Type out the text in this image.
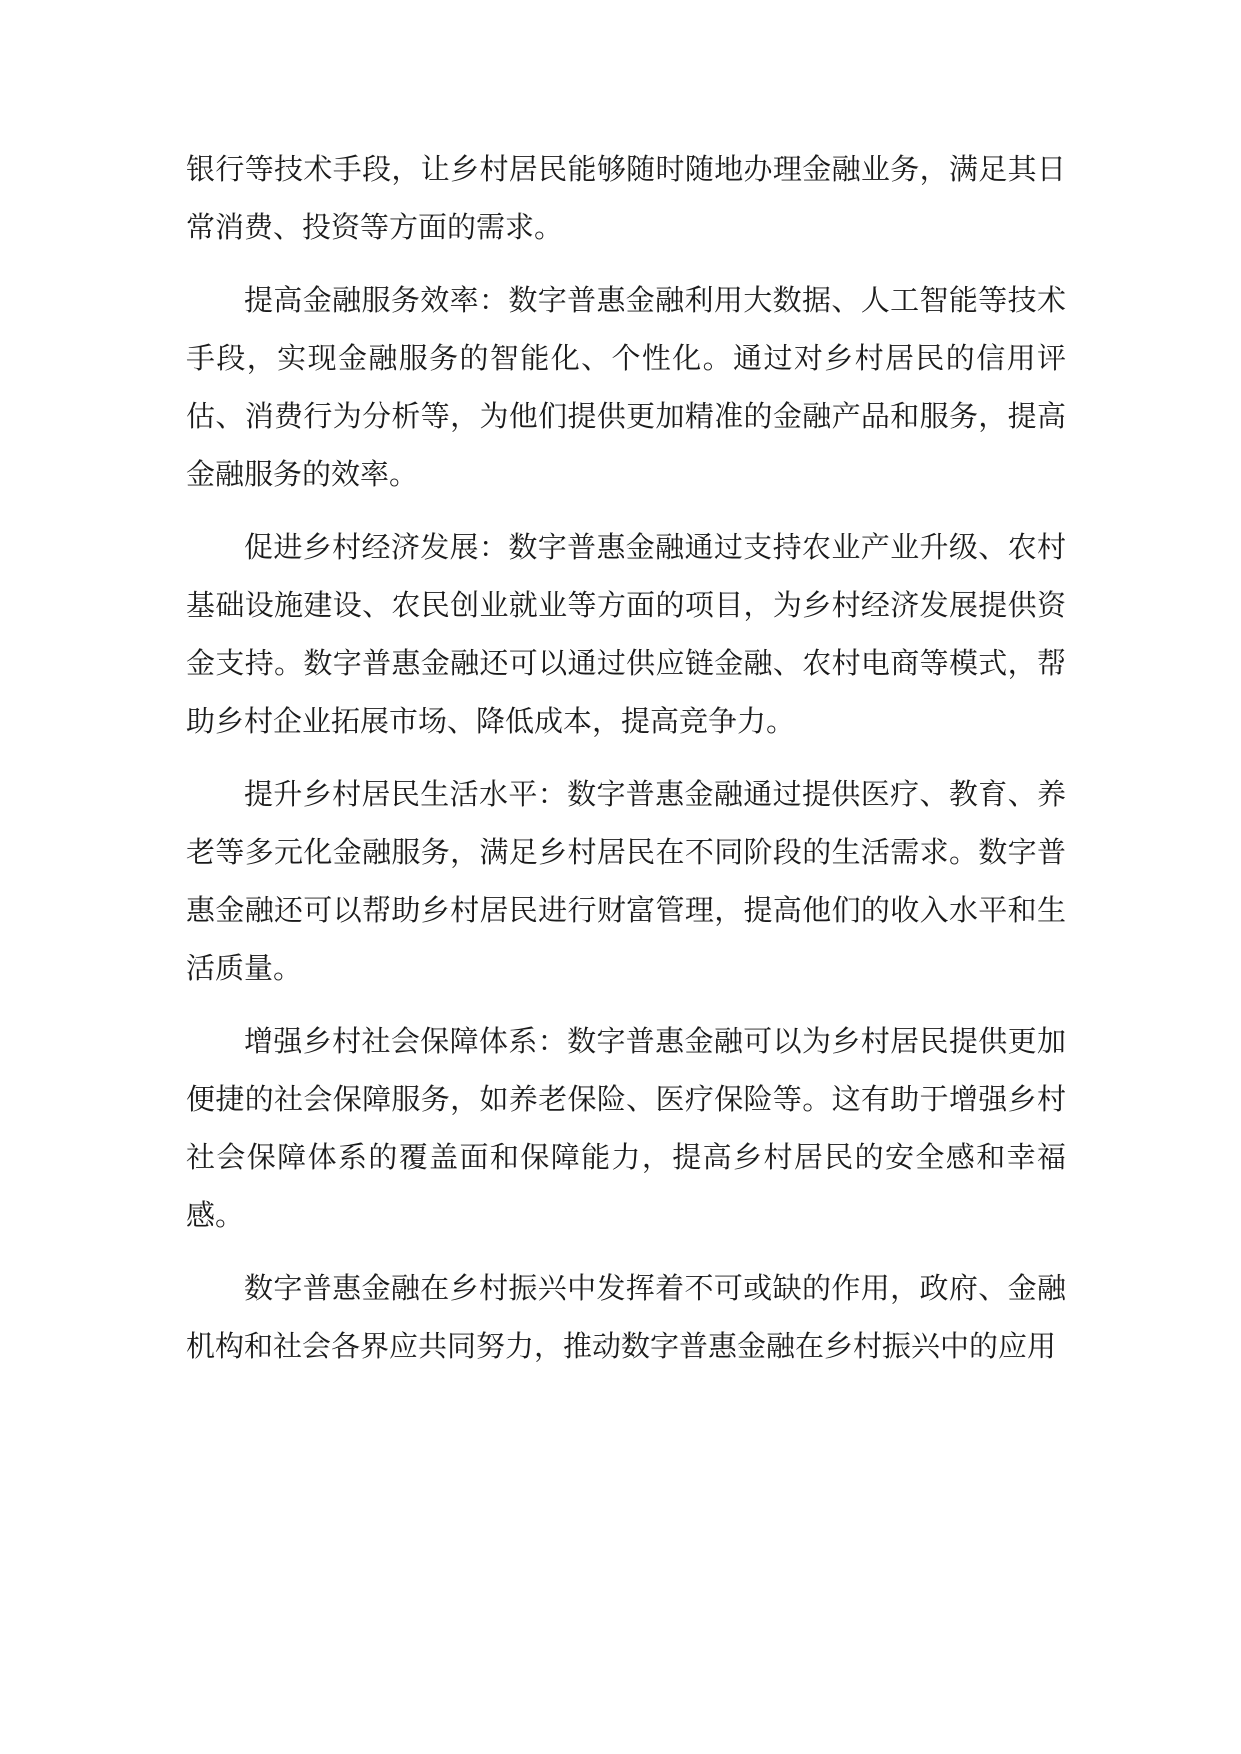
银行等技术手段，让乡村居民能够随时随地办理金融业务，满足其日常消费、投资等方面的需求。

提高金融服务效率：数字普惠金融利用大数据、人工智能等技术手段，实现金融服务的智能化、个性化。通过对乡村居民的信用评估、消费行为分析等，为他们提供更加精准的金融产品和服务，提高金融服务的效率。

促进乡村经济发展：数字普惠金融通过支持农业产业升级、农村基础设施建设、农民创业就业等方面的项目，为乡村经济发展提供资金支持。数字普惠金融还可以通过供应链金融、农村电商等模式，帮助乡村企业拓展市场、降低成本，提高竞争力。

提升乡村居民生活水平：数字普惠金融通过提供医疗、教育、养老等多元化金融服务，满足乡村居民在不同阶段的生活需求。数字普惠金融还可以帮助乡村居民进行财富管理，提高他们的收入水平和生活质量。

增强乡村社会保障体系：数字普惠金融可以为乡村居民提供更加便捷的社会保障服务，如养老保险、医疗保险等。这有助于增强乡村社会保障体系的覆盖面和保障能力，提高乡村居民的安全感和幸福感。

数字普惠金融在乡村振兴中发挥着不可或缺的作用，政府、金融机构和社会各界应共同努力，推动数字普惠金融在乡村振兴中的应用
